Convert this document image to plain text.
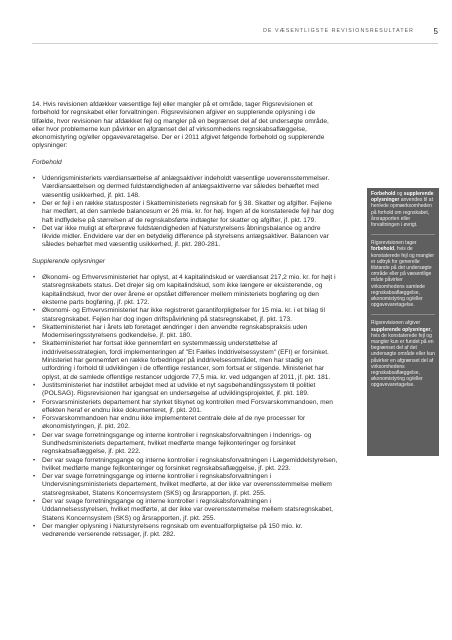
DE VÆSENTLIGSTE REVISIONSRESULTATER 5

14. Hvis revisionen afdækker væsentlige fejl eller mangler på et område, tager Rigsrevisionen et forbehold for regnskabet eller forvaltningen. Rigsrevisionen afgiver en supplerende oplysning i de tilfælde, hvor revisionen har afdækket fejl og mangler på en begrænset del af det undersøgte område, eller hvor problemerne kun påvirker en afgrænset del af virksomhedens regnskabsaflæggelse, økonomistyring og/eller opgavevaretagelse. Der er i 2011 afgivet følgende forbehold og supplerende oplysninger:

Forbehold

• Udenrigsministeriets værdiansættelse af anlægsaktiver indeholdt væsentlige uoverensstemmelser. Værdiansættelsen og dermed fuldstændigheden af anlægsaktiverne var således behæftet med væsentlig usikkerhed, jf. pkt. 148.
• Der er fejl i en række statusposter i Skatteministeriets regnskab for § 38. Skatter og afgifter. Fejlene har medført, at den samlede balancesum er 26 mia. kr. for høj. Ingen af de konstaterede fejl har dog haft indflydelse på størrelsen af de regnskabsførte indtægter for skatter og afgifter, jf. pkt. 179.
• Det var ikke muligt at efterprøve fuldstændigheden af Naturstyrelsens åbningsbalance og andre likvide midler. Endvidere var der en betydelig difference på styrelsens anlægsaktiver. Balancen var således behæftet med væsentlig usikkerhed, jf. pkt. 280-281.

Supplerende oplysninger

• Økonomi- og Erhvervsministeriet har oplyst, at 4 kapitalindskud er værdiansat 217,2 mio. kr. for højt i statsregnskabets status. Det drejer sig om kapitalindskud, som ikke længere er eksisterende, og kapitalindskud, hvor der over årene er opstået differencer mellem ministeriets bogføring og den eksterne parts bogføring, jf. pkt. 172.
• Økonomi- og Erhvervsministeriet har ikke registreret garantiforpligtelser for 15 mia. kr. i et bilag til statsregnskabet. Fejlen har dog ingen driftspåvirkning på statsregnskabet, jf. pkt. 173.
• Skatteministeriet har i årets løb foretaget ændringer i den anvendte regnskabspraksis uden Moderniseringsstyrelsens godkendelse, jf. pkt. 180.
• Skatteministeriet har fortsat ikke gennemført en systemmæssig understøttelse af inddrivelsesstrategien, fordi implementeringen af "Et Fælles Inddrivelsessystem" (EFI) er forsinket. Ministeriet har gennemført en række forbedringer på inddrivelsesområdet, men har stadig en udfordring i forhold til udviklingen i de offentlige restancer, som fortsat er stigende. Ministeriet har oplyst, at de samlede offentlige restancer udgjorde 77,5 mia. kr. ved udgangen af 2011, jf. pkt. 181.
• Justitsministeriet har indstillet arbejdet med at udvikle et nyt sagsbehandlingssystem til politiet (POLSAG). Rigsrevisionen har igangsat en undersøgelse af udviklingsprojektet, jf. pkt. 189.
• Forsvarsministeriets departement har styrket tilsynet og kontrollen med Forsvarskommandoen, men effekten heraf er endnu ikke dokumenteret, jf. pkt. 201.
• Forsvarskommandoen har endnu ikke implementeret centrale dele af de nye processer for økonomistyringen, jf. pkt. 202.
• Der var svage forretningsgange og interne kontroller i regnskabsforvaltningen i Indenrigs- og Sundhedsministeriets departement, hvilket medførte mange fejlkonteringer og forsinket regnskabsaflæggelse, jf. pkt. 222.
• Der var svage forretningsgange og interne kontroller i regnskabsforvaltningen i Lægemiddelstyrelsen, hvilket medførte mange fejlkonteringer og forsinket regnskabsaflæggelse, jf. pkt. 223.
• Der var svage forretningsgange og interne kontroller i regnskabsforvaltningen i Undervisningsministeriets departement, hvilket medførte, at der ikke var overensstemmelse mellem statsregnskabet, Statens Koncernsystem (SKS) og årsrapporten, jf. pkt. 255.
• Der var svage forretningsgange og interne kontroller i regnskabsforvaltningen i Uddannelsesstyrelsen, hvilket medførte, at der ikke var overensstemmelse mellem statsregnskabet, Statens Koncernsystem (SKS) og årsrapporten, jf. pkt. 255.
• Der mangler oplysning i Naturstyrelsens regnskab om eventualforpligtelse på 150 mio. kr. vedrørende verserende retssager, jf. pkt. 282.

Forbehold og supplerende oplysninger anvendes til at henlede opmærksomheden på forhold om regnskabet, årsrapporten eller forvaltningen i øvrigt.

Rigsrevisionen tager forbehold, hvis de konstaterede fejl og mangler er udtryk for generelle tilstande på det undersøgte område eller på væsentlige måde påvirker virksomhedens samlede regnskabsaflæggelse, økonomistyring og/eller opgavevaretagelse.

Rigsrevisionen afgiver supplerende oplysninger, hvis de konstaterede fejl og mangler kun er fundet på en begrænset del af det undersøgte område eller kun påvirker en afgrænset del af virksomhedens regnskabsaflæggelse, økonomistyring og/eller opgavevaretagelse.
